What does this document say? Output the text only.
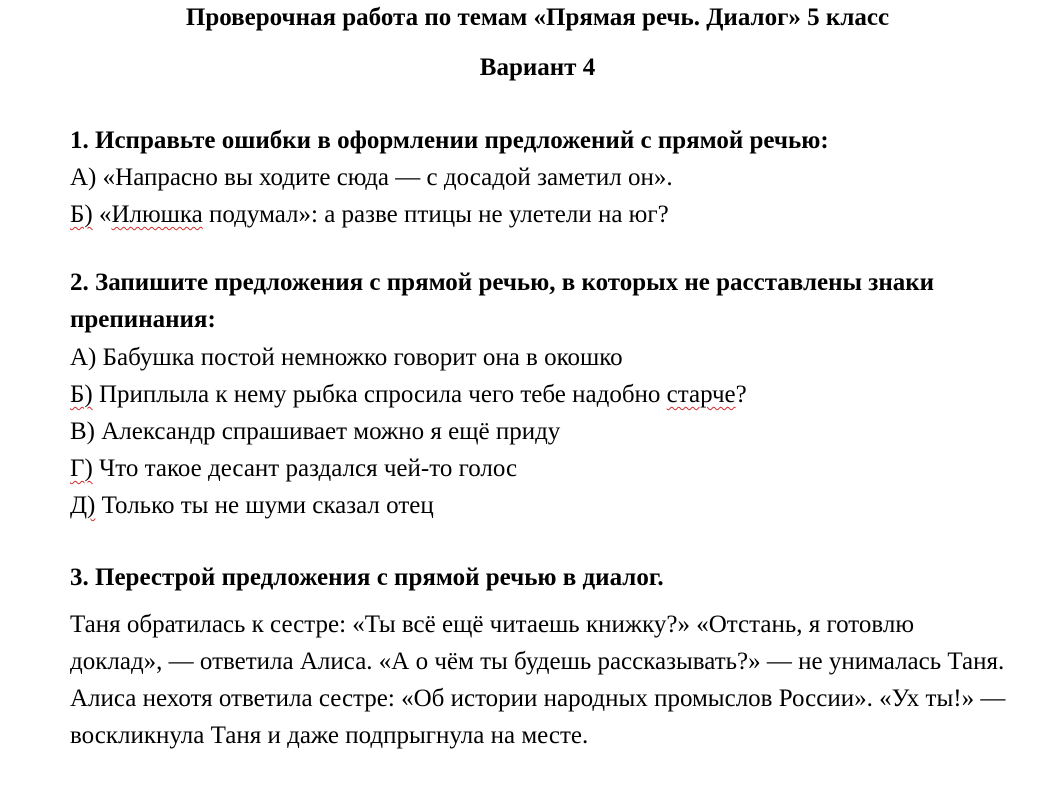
Проверочная работа по темам «Прямая речь. Диалог» 5 класс

Вариант 4

1. Исправьте ошибки в оформлении предложений с прямой речью:

А) «Напрасно вы ходите сюда — с досадой заметил он».

Б) «Илюшка подумал»: а разве птицы не улетели на юг?

2. Запишите предложения с прямой речью, в которых не расставлены знаки препинания:

А) Бабушка постой немножко говорит она в окошко

Б) Приплыла к нему рыбка спросила чего тебе надобно старче?

В) Александр спрашивает можно я ещё приду

Г) Что такое десант раздался чей-то голос

Д) Только ты не шуми сказал отец

3. Перестрой предложения с прямой речью в диалог.

Таня обратилась к сестре: «Ты всё ещё читаешь книжку?» «Отстань, я готовлю доклад», — ответила Алиса. «А о чём ты будешь рассказывать?» — не унималась Таня. Алиса нехотя ответила сестре: «Об истории народных промыслов России». «Ух ты!» — воскликнула Таня и даже подпрыгнула на месте.
